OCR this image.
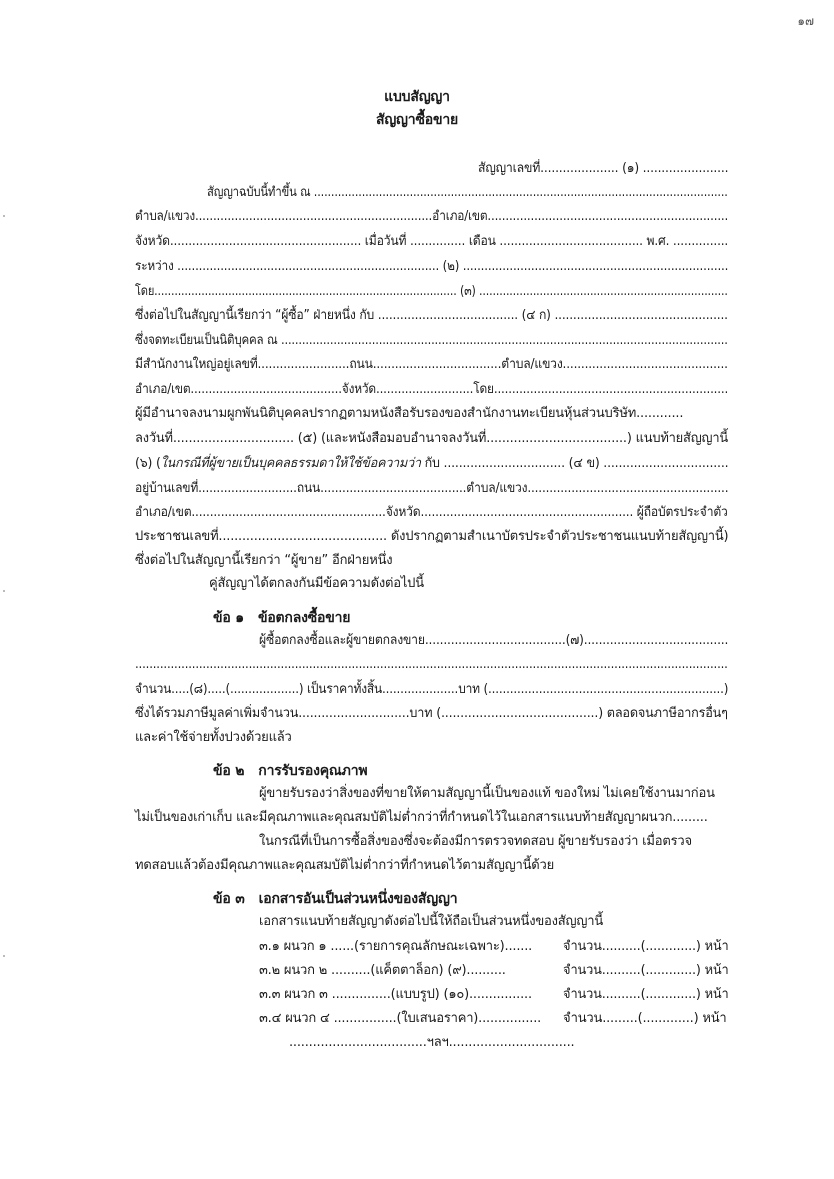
๑๗
แบบสัญญา
สัญญาซื้อขาย
สัญญาเลขที่..................... (๑) .......................
สัญญาฉบับนี้ทำขึ้น ณ .........................................................................................................................
ตำบล/แขวง..................................................................อำเภอ/เขต...................................................................
จังหวัด.................................................... เมื่อวันที่ ............... เดือน ....................................... พ.ศ. ...............
ระหว่าง ......................................................................... (๒) ..........................................................................
โดย.......................................................................................... (๓) ..........................................................................
ซึ่งต่อไปในสัญญานี้เรียกว่า “ผู้ซื้อ” ฝ่ายหนึ่ง กับ ...................................... (๔ ก) ...............................................
ซึ่งจดทะเบียนเป็นนิติบุคคล ณ ................................................................................................................................
มีสำนักงานใหญ่อยู่เลขที่.........................ถนน...................................ตำบล/แขวง.............................................
อำเภอ/เขต..........................................จังหวัด...........................โดย.................................................................
ผู้มีอำนาจลงนามผูกพันนิติบุคคลปรากฏตามหนังสือรับรองของสำนักงานทะเบียนหุ้นส่วนบริษัท............
ลงวันที่............................... (๕) (และหนังสือมอบอำนาจลงวันที่....................................) แนบท้ายสัญญานี้
(๖) (ในกรณีที่ผู้ขายเป็นบุคคลธรรมดาให้ใช้ข้อความว่า กับ ................................ (๔ ข) .................................
อยู่บ้านเลขที่...........................ถนน........................................ตำบล/แขวง.......................................................
อำเภอ/เขต.....................................................จังหวัด.......................................................... ผู้ถือบัตรประจำตัว
ประชาชนเลขที่........................................... ดังปรากฏตามสำเนาบัตรประจำตัวประชาชนแนบท้ายสัญญานี้)
ซึ่งต่อไปในสัญญานี้เรียกว่า “ผู้ขาย” อีกฝ่ายหนึ่ง
คู่สัญญาได้ตกลงกันมีข้อความดังต่อไปนี้
ข้อ ๑   ข้อตกลงซื้อขาย
ผู้ซื้อตกลงซื้อและผู้ขายตกลงขาย......................................(๗).......................................
.......................................................................................................................................................................
จำนวน.....(๘).....(...................) เป็นราคาทั้งสิ้น.....................บาท (.................................................................)
ซึ่งได้รวมภาษีมูลค่าเพิ่มจำนวน.............................บาท (.........................................) ตลอดจนภาษีอากรอื่นๆ
และค่าใช้จ่ายทั้งปวงด้วยแล้ว
ข้อ ๒   การรับรองคุณภาพ
ผู้ขายรับรองว่าสิ่งของที่ขายให้ตามสัญญานี้เป็นของแท้ ของใหม่ ไม่เคยใช้งานมาก่อน
ไม่เป็นของเก่าเก็บ และมีคุณภาพและคุณสมบัติไม่ต่ำกว่าที่กำหนดไว้ในเอกสารแนบท้ายสัญญาผนวก.........
ในกรณีที่เป็นการซื้อสิ่งของซึ่งจะต้องมีการตรวจทดสอบ ผู้ขายรับรองว่า เมื่อตรวจ
ทดสอบแล้วต้องมีคุณภาพและคุณสมบัติไม่ต่ำกว่าที่กำหนดไว้ตามสัญญานี้ด้วย
ข้อ ๓   เอกสารอันเป็นส่วนหนึ่งของสัญญา
เอกสารแนบท้ายสัญญาดังต่อไปนี้ให้ถือเป็นส่วนหนึ่งของสัญญานี้
๓.๑ ผนวก ๑ ......(รายการคุณลักษณะเฉพาะ)....... จำนวน..........(.............) หน้า
๓.๒ ผนวก ๒ ..........(แค็ตตาล็อก) (๙)..........	จำนวน..........(.............) หน้า
๓.๓ ผนวก ๓ ...............(แบบรูป) (๑๐)................ จำนวน..........(.............) หน้า
๓.๔ ผนวก ๔ ................(ใบเสนอราคา)................ จำนวน.........(.............) หน้า
...................................ฯลฯ................................
